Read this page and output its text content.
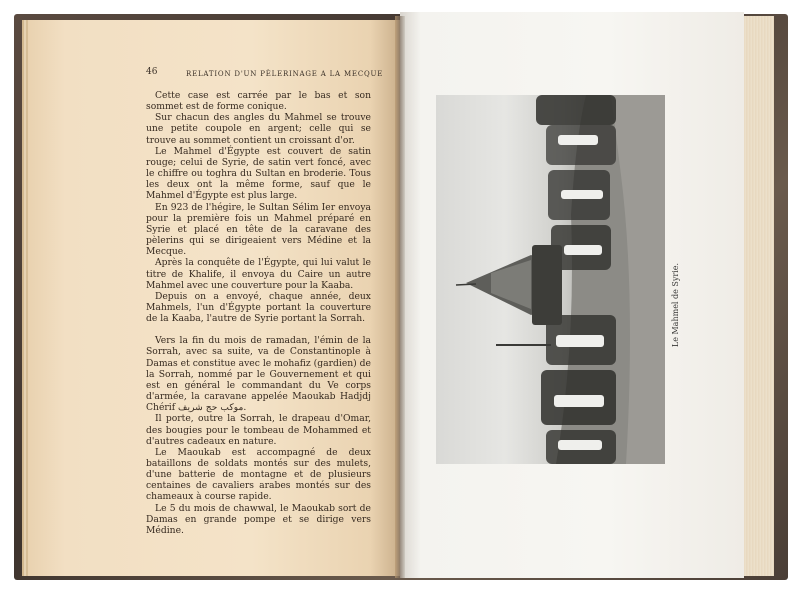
46	RELATION D'UN PÈLERINAGE A LA MECQUE

Cette case est carrée par le bas et son sommet est de forme conique.

Sur chacun des angles du Mahmel se trouve une petite coupole en argent; celle qui se trouve au sommet contient un croissant d'or.

Le Mahmel d'Égypte est couvert de satin rouge; celui de Syrie, de satin vert foncé, avec le chiffre ou toghra du Sultan en broderie. Tous les deux ont la même forme, sauf que le Mahmel d'Égypte est plus large.

En 923 de l'hégire, le Sultan Sélim Ier envoya pour la première fois un Mahmel préparé en Syrie et placé en tête de la caravane des pèlerins qui se dirigeaient vers Médine et la Mecque.

Après la conquête de l'Égypte, qui lui valut le titre de Khalife, il envoya du Caire un autre Mahmel avec une couverture pour la Kaaba.

Depuis on a envoyé, chaque année, deux Mahmels, l'un d'Égypte portant la couverture de la Kaaba, l'autre de Syrie portant la Sorrah.

Vers la fin du mois de ramadan, l'émin de la Sorrah, avec sa suite, va de Constantinople à Damas et constitue avec le mohafiz (gardien) de la Sorrah, nommé par le Gouvernement et qui est en général le commandant du Ve corps d'armée, la caravane appelée Maoukab Hadjdj Chérif موكب حج شريف.

Il porte, outre la Sorrah, le drapeau d'Omar, des bougies pour le tombeau de Mohammed et d'autres cadeaux en nature.

Le Maoukab est accompagné de deux bataillons de soldats montés sur des mulets, d'une batterie de montagne et de plusieurs centaines de cavaliers arabes montés sur des chameaux à course rapide.

Le 5 du mois de chawwal, le Maoukab sort de Damas en grande pompe et se dirige vers Médine.

Le Mahmel de Syrie.
